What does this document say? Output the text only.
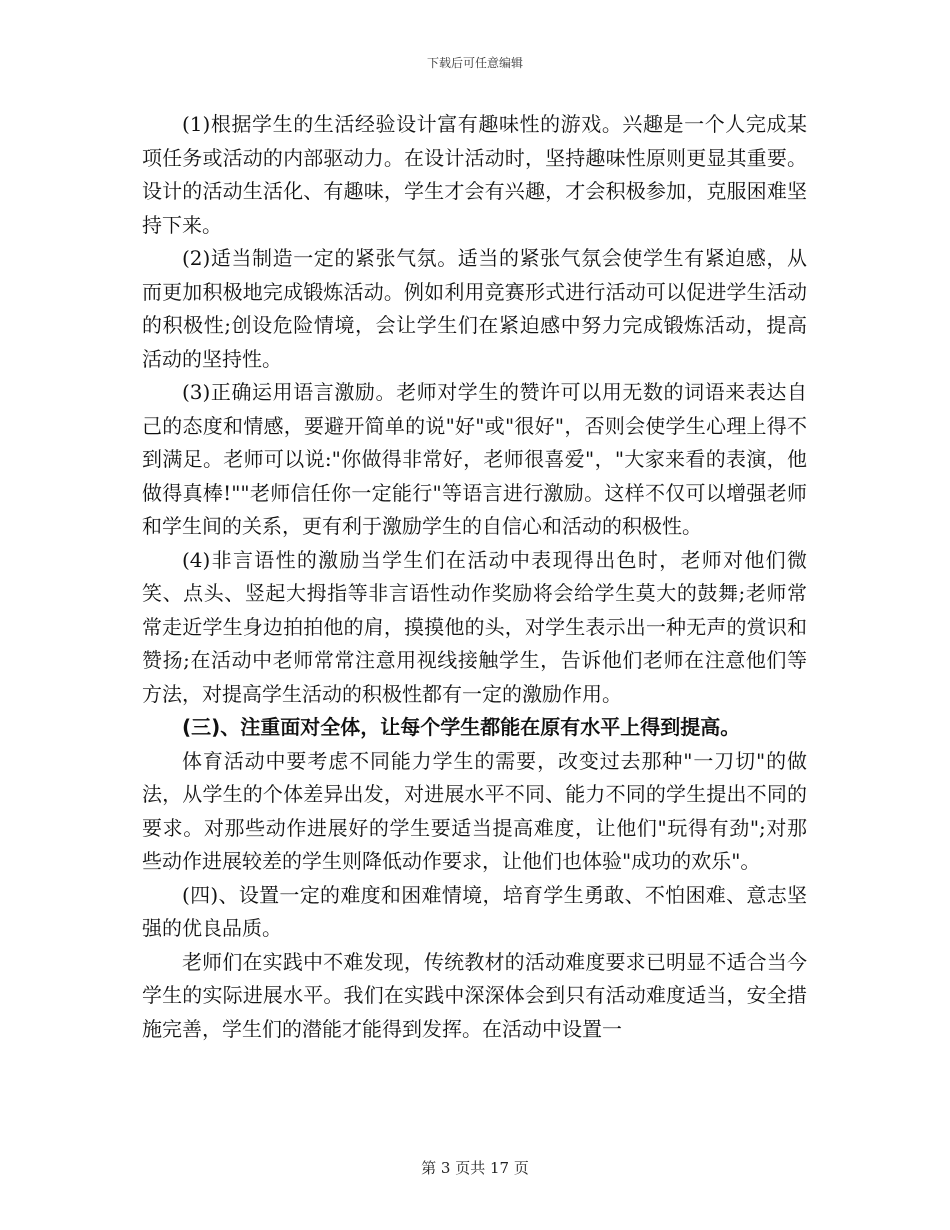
下载后可任意编辑

(1)根据学生的生活经验设计富有趣味性的游戏。兴趣是一个人完成某项任务或活动的内部驱动力。在设计活动时，坚持趣味性原则更显其重要。设计的活动生活化、有趣味，学生才会有兴趣，才会积极参加，克服困难坚持下来。

(2)适当制造一定的紧张气氛。适当的紧张气氛会使学生有紧迫感，从而更加积极地完成锻炼活动。例如利用竞赛形式进行活动可以促进学生活动的积极性;创设危险情境，会让学生们在紧迫感中努力完成锻炼活动，提高活动的坚持性。

(3)正确运用语言激励。老师对学生的赞许可以用无数的词语来表达自己的态度和情感，要避开简单的说"好"或"很好"，否则会使学生心理上得不到满足。老师可以说:"你做得非常好，老师很喜爱"，"大家来看的表演，他做得真棒!""老师信任你一定能行"等语言进行激励。这样不仅可以增强老师和学生间的关系，更有利于激励学生的自信心和活动的积极性。

(4)非言语性的激励当学生们在活动中表现得出色时，老师对他们微笑、点头、竖起大拇指等非言语性动作奖励将会给学生莫大的鼓舞;老师常常走近学生身边拍拍他的肩，摸摸他的头，对学生表示出一种无声的赏识和赞扬;在活动中老师常常注意用视线接触学生，告诉他们老师在注意他们等方法，对提高学生活动的积极性都有一定的激励作用。

(三)、注重面对全体，让每个学生都能在原有水平上得到提高。

体育活动中要考虑不同能力学生的需要，改变过去那种"一刀切"的做法，从学生的个体差异出发，对进展水平不同、能力不同的学生提出不同的要求。对那些动作进展好的学生要适当提高难度，让他们"玩得有劲";对那些动作进展较差的学生则降低动作要求，让他们也体验"成功的欢乐"。

(四)、设置一定的难度和困难情境，培育学生勇敢、不怕困难、意志坚强的优良品质。

老师们在实践中不难发现，传统教材的活动难度要求已明显不适合当今学生的实际进展水平。我们在实践中深深体会到只有活动难度适当，安全措施完善，学生们的潜能才能得到发挥。在活动中设置一

第 3 页共 17 页
